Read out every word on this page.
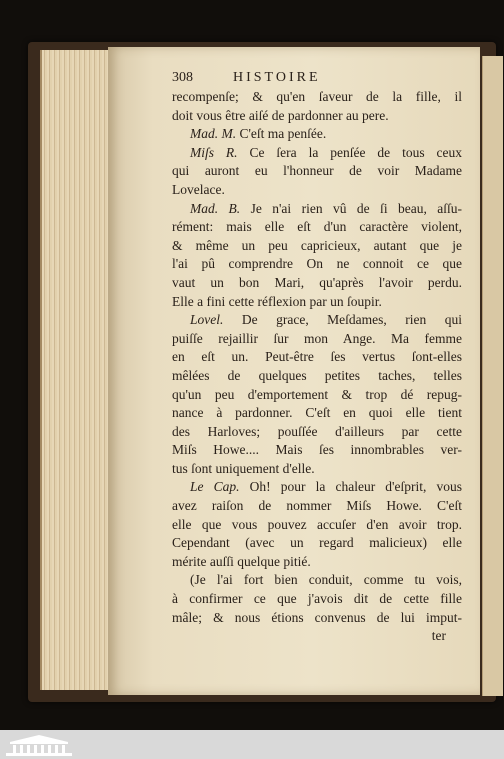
308	HISTOIRE
recompenſe; & qu'en ſaveur de la fille, il
doit vous être aiſé de pardonner au pere.
Mad. M. C'eſt ma penſée.
Miſs R. Ce ſera la penſée de tous ceux
qui auront eu l'honneur de voir Madame
Lovelace.
Mad. B. Je n'ai rien vû de ſi beau, aſſu-
rément: mais elle eſt d'un caractère violent,
& même un peu capricieux, autant que je
l'ai pû comprendre On ne connoit ce que
vaut un bon Mari, qu'après l'avoir perdu.
Elle a fini cette réflexion par un ſoupir.
Lovel. De grace, Meſdames, rien qui
puiſſe rejaillir ſur mon Ange. Ma femme
en eſt un. Peut-être ſes vertus ſont-elles
mêlées de quelques petites taches, telles
qu'un peu d'emportement & trop dé repug-
nance à pardonner. C'eſt en quoi elle tient
des Harloves; pouſſée d'ailleurs par cette
Miſs Howe.... Mais ſes innombrables ver-
tus ſont uniquement d'elle.
Le Cap. Oh! pour la chaleur d'eſprit, vous
avez raiſon de nommer Miſs Howe. C'eſt
elle que vous pouvez accuſer d'en avoir trop.
Cependant (avec un regard malicieux) elle
mérite auſſi quelque pitié.
(Je l'ai fort bien conduit, comme tu vois,
à confirmer ce que j'avois dit de cette fille
mâle; & nous étions convenus de lui imput-
ter
